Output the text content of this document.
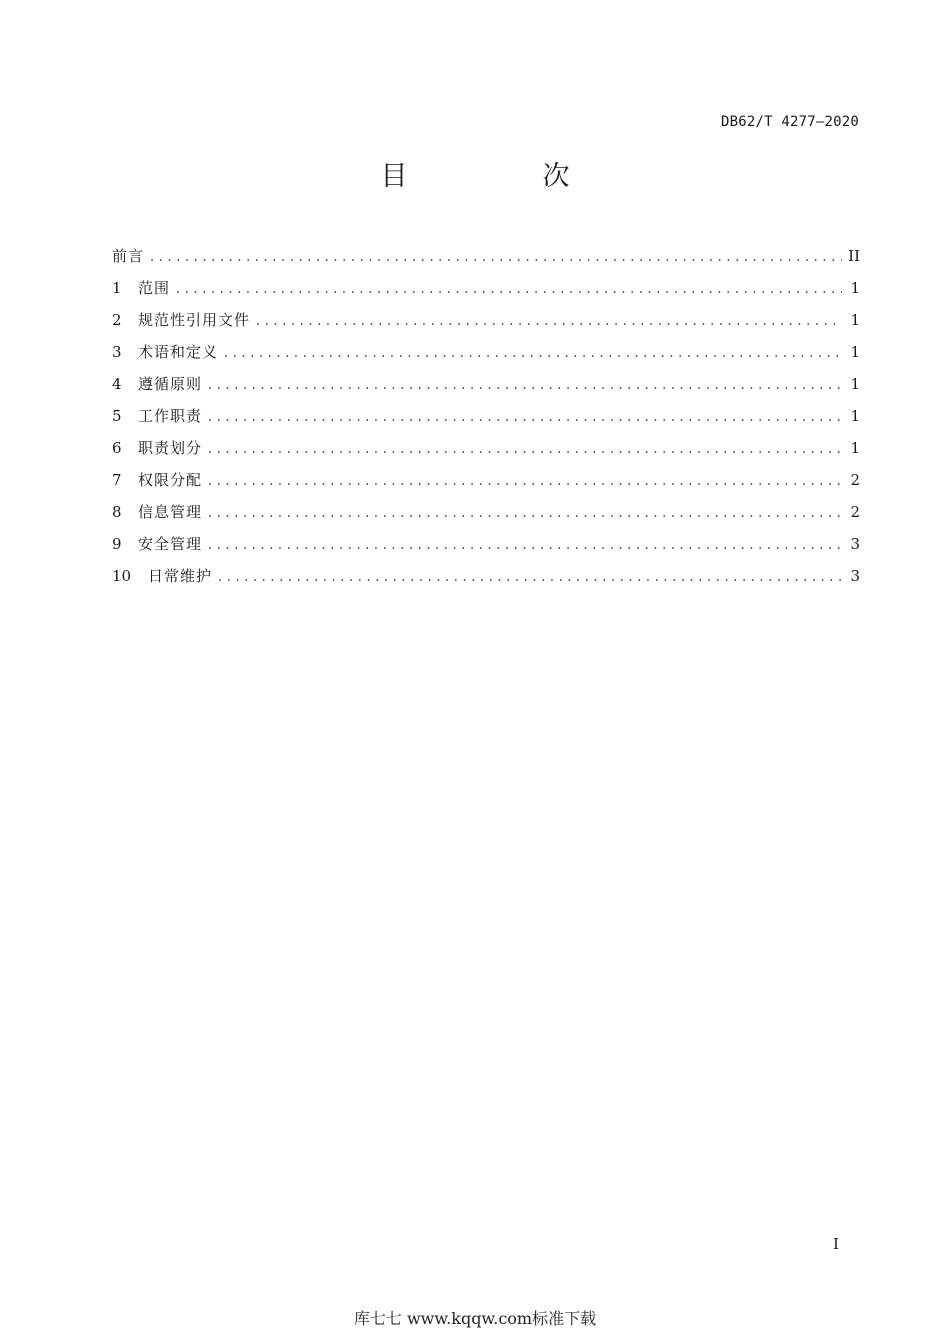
DB62/T 4277—2020
目　次
前言 .....	II
1	范围 .....	1
2	规范性引用文件 .....	1
3	术语和定义 .....	1
4	遵循原则 .....	1
5	工作职责 .....	1
6	职责划分 .....	1
7	权限分配 .....	2
8	信息管理 .....	2
9	安全管理 .....	3
10	日常维护 .....	3
I
库七七 www.kqqw.com标准下载
